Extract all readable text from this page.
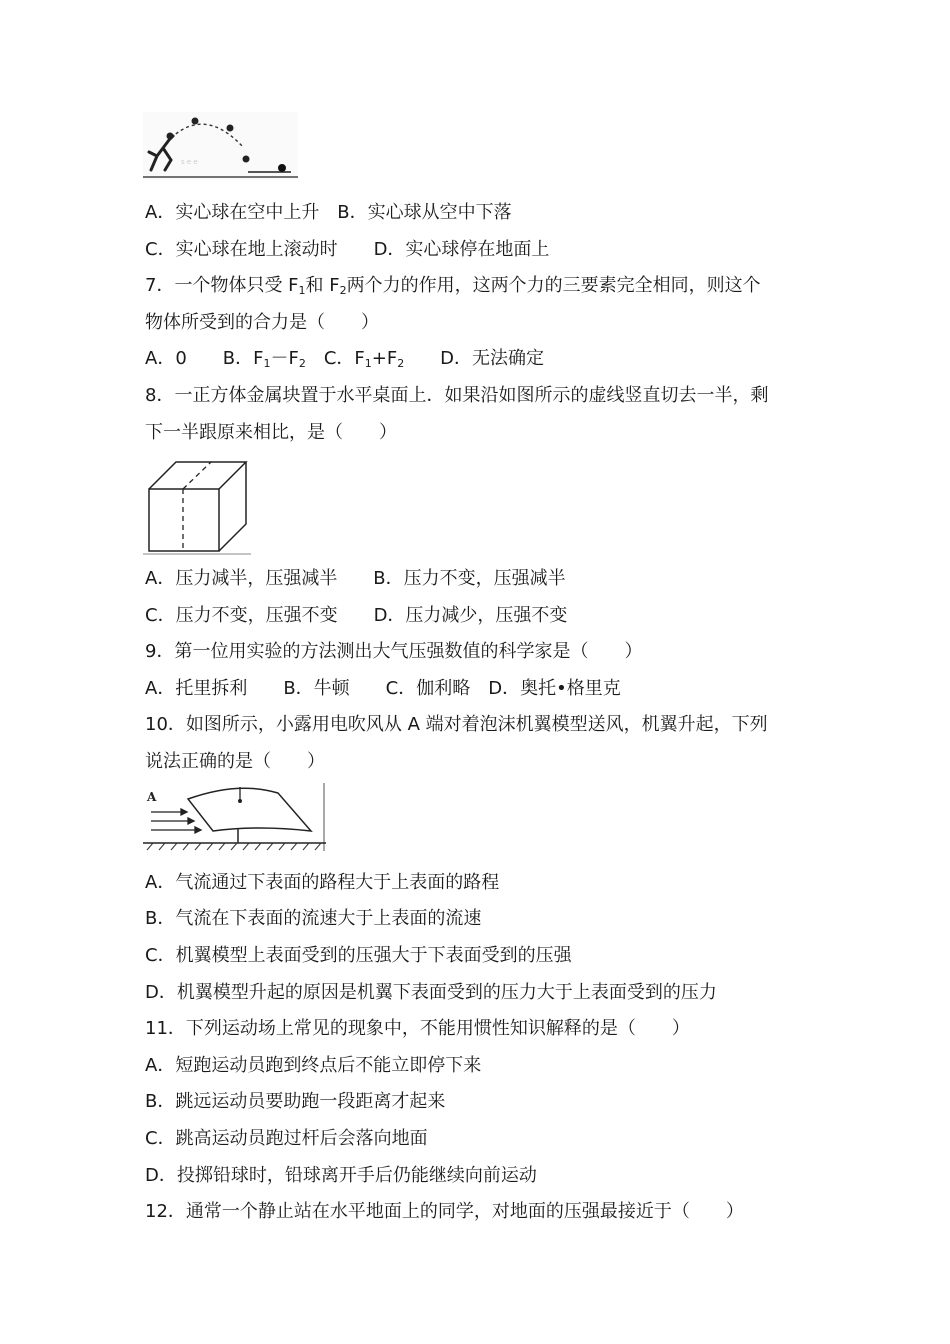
s e e
A．实心球在空中上升　B．实心球从空中下落
C．实心球在地上滚动时　　D．实心球停在地面上
7．一个物体只受 $F_1$和 $F_2$两个力的作用，这两个力的三要素完全相同，则这个
物体所受到的合力是（　　）
A．0　　B．$F_1-F_2$　C．$F_1+F_2$　　D．无法确定
8．一正方体金属块置于水平桌面上．如果沿如图所示的虚线竖直切去一半，剩
下一半跟原来相比，是（　　）
A．压力减半，压强减半　　B．压力不变，压强减半
C．压力不变，压强不变　　D．压力减少，压强不变
9．第一位用实验的方法测出大气压强数值的科学家是（　　）
A．托里拆利　　B．牛顿　　C．伽利略　D．奥托•格里克
10．如图所示，小露用电吹风从 A 端对着泡沫机翼模型送风，机翼升起，下列
说法正确的是（　　）
A
A．气流通过下表面的路程大于上表面的路程
B．气流在下表面的流速大于上表面的流速
C．机翼模型上表面受到的压强大于下表面受到的压强
D．机翼模型升起的原因是机翼下表面受到的压力大于上表面受到的压力
11．下列运动场上常见的现象中，不能用惯性知识解释的是（　　）
A．短跑运动员跑到终点后不能立即停下来
B．跳远运动员要助跑一段距离才起来
C．跳高运动员跑过杆后会落向地面
D．投掷铅球时，铅球离开手后仍能继续向前运动
12．通常一个静止站在水平地面上的同学，对地面的压强最接近于（　　）
